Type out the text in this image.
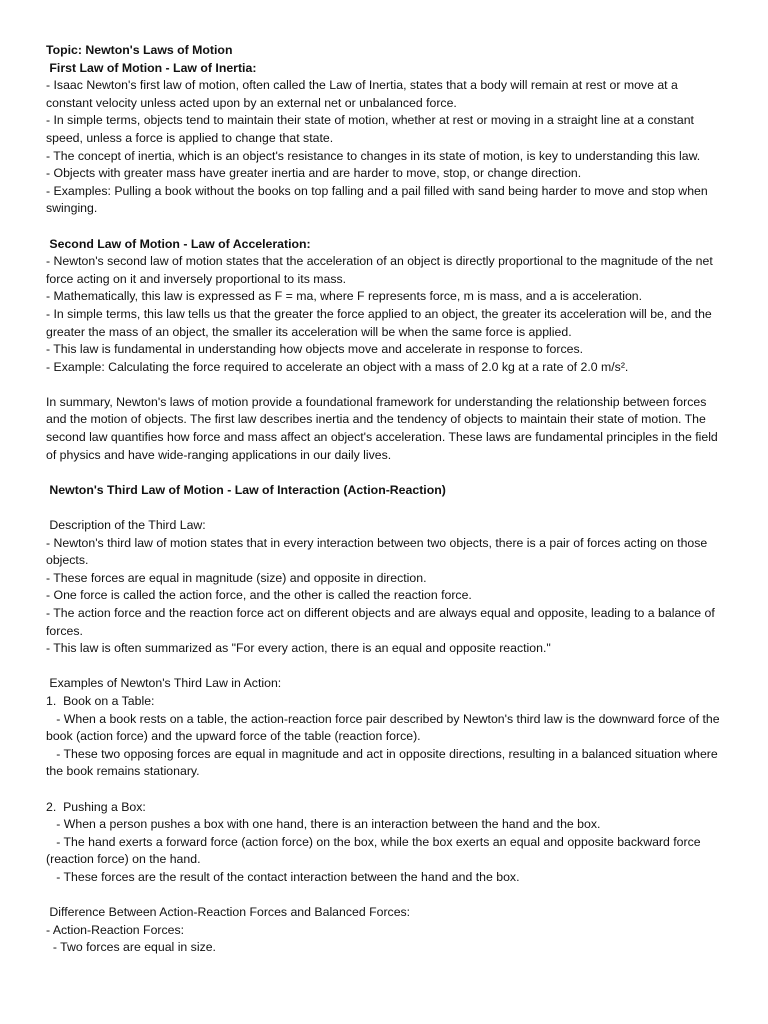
Topic: Newton's Laws of Motion

First Law of Motion - Law of Inertia:

- Isaac Newton's first law of motion, often called the Law of Inertia, states that a body will remain at rest or move at a constant velocity unless acted upon by an external net or unbalanced force.

- In simple terms, objects tend to maintain their state of motion, whether at rest or moving in a straight line at a constant speed, unless a force is applied to change that state.

- The concept of inertia, which is an object's resistance to changes in its state of motion, is key to understanding this law.

- Objects with greater mass have greater inertia and are harder to move, stop, or change direction.

- Examples: Pulling a book without the books on top falling and a pail filled with sand being harder to move and stop when swinging.

Second Law of Motion - Law of Acceleration:

- Newton's second law of motion states that the acceleration of an object is directly proportional to the magnitude of the net force acting on it and inversely proportional to its mass.

- Mathematically, this law is expressed as F = ma, where F represents force, m is mass, and a is acceleration.

- In simple terms, this law tells us that the greater the force applied to an object, the greater its acceleration will be, and the greater the mass of an object, the smaller its acceleration will be when the same force is applied.

- This law is fundamental in understanding how objects move and accelerate in response to forces.

- Example: Calculating the force required to accelerate an object with a mass of 2.0 kg at a rate of 2.0 m/s².

In summary, Newton's laws of motion provide a foundational framework for understanding the relationship between forces and the motion of objects. The first law describes inertia and the tendency of objects to maintain their state of motion. The second law quantifies how force and mass affect an object's acceleration. These laws are fundamental principles in the field of physics and have wide-ranging applications in our daily lives.

Newton's Third Law of Motion - Law of Interaction (Action-Reaction)

Description of the Third Law:

- Newton's third law of motion states that in every interaction between two objects, there is a pair of forces acting on those objects.

- These forces are equal in magnitude (size) and opposite in direction.

- One force is called the action force, and the other is called the reaction force.

- The action force and the reaction force act on different objects and are always equal and opposite, leading to a balance of forces.

- This law is often summarized as "For every action, there is an equal and opposite reaction."

Examples of Newton's Third Law in Action:

1.  Book on a Table:

- When a book rests on a table, the action-reaction force pair described by Newton's third law is the downward force of the book (action force) and the upward force of the table (reaction force).

- These two opposing forces are equal in magnitude and act in opposite directions, resulting in a balanced situation where the book remains stationary.

2.  Pushing a Box:

- When a person pushes a box with one hand, there is an interaction between the hand and the box.

- The hand exerts a forward force (action force) on the box, while the box exerts an equal and opposite backward force (reaction force) on the hand.

- These forces are the result of the contact interaction between the hand and the box.

Difference Between Action-Reaction Forces and Balanced Forces:

- Action-Reaction Forces:

- Two forces are equal in size.
